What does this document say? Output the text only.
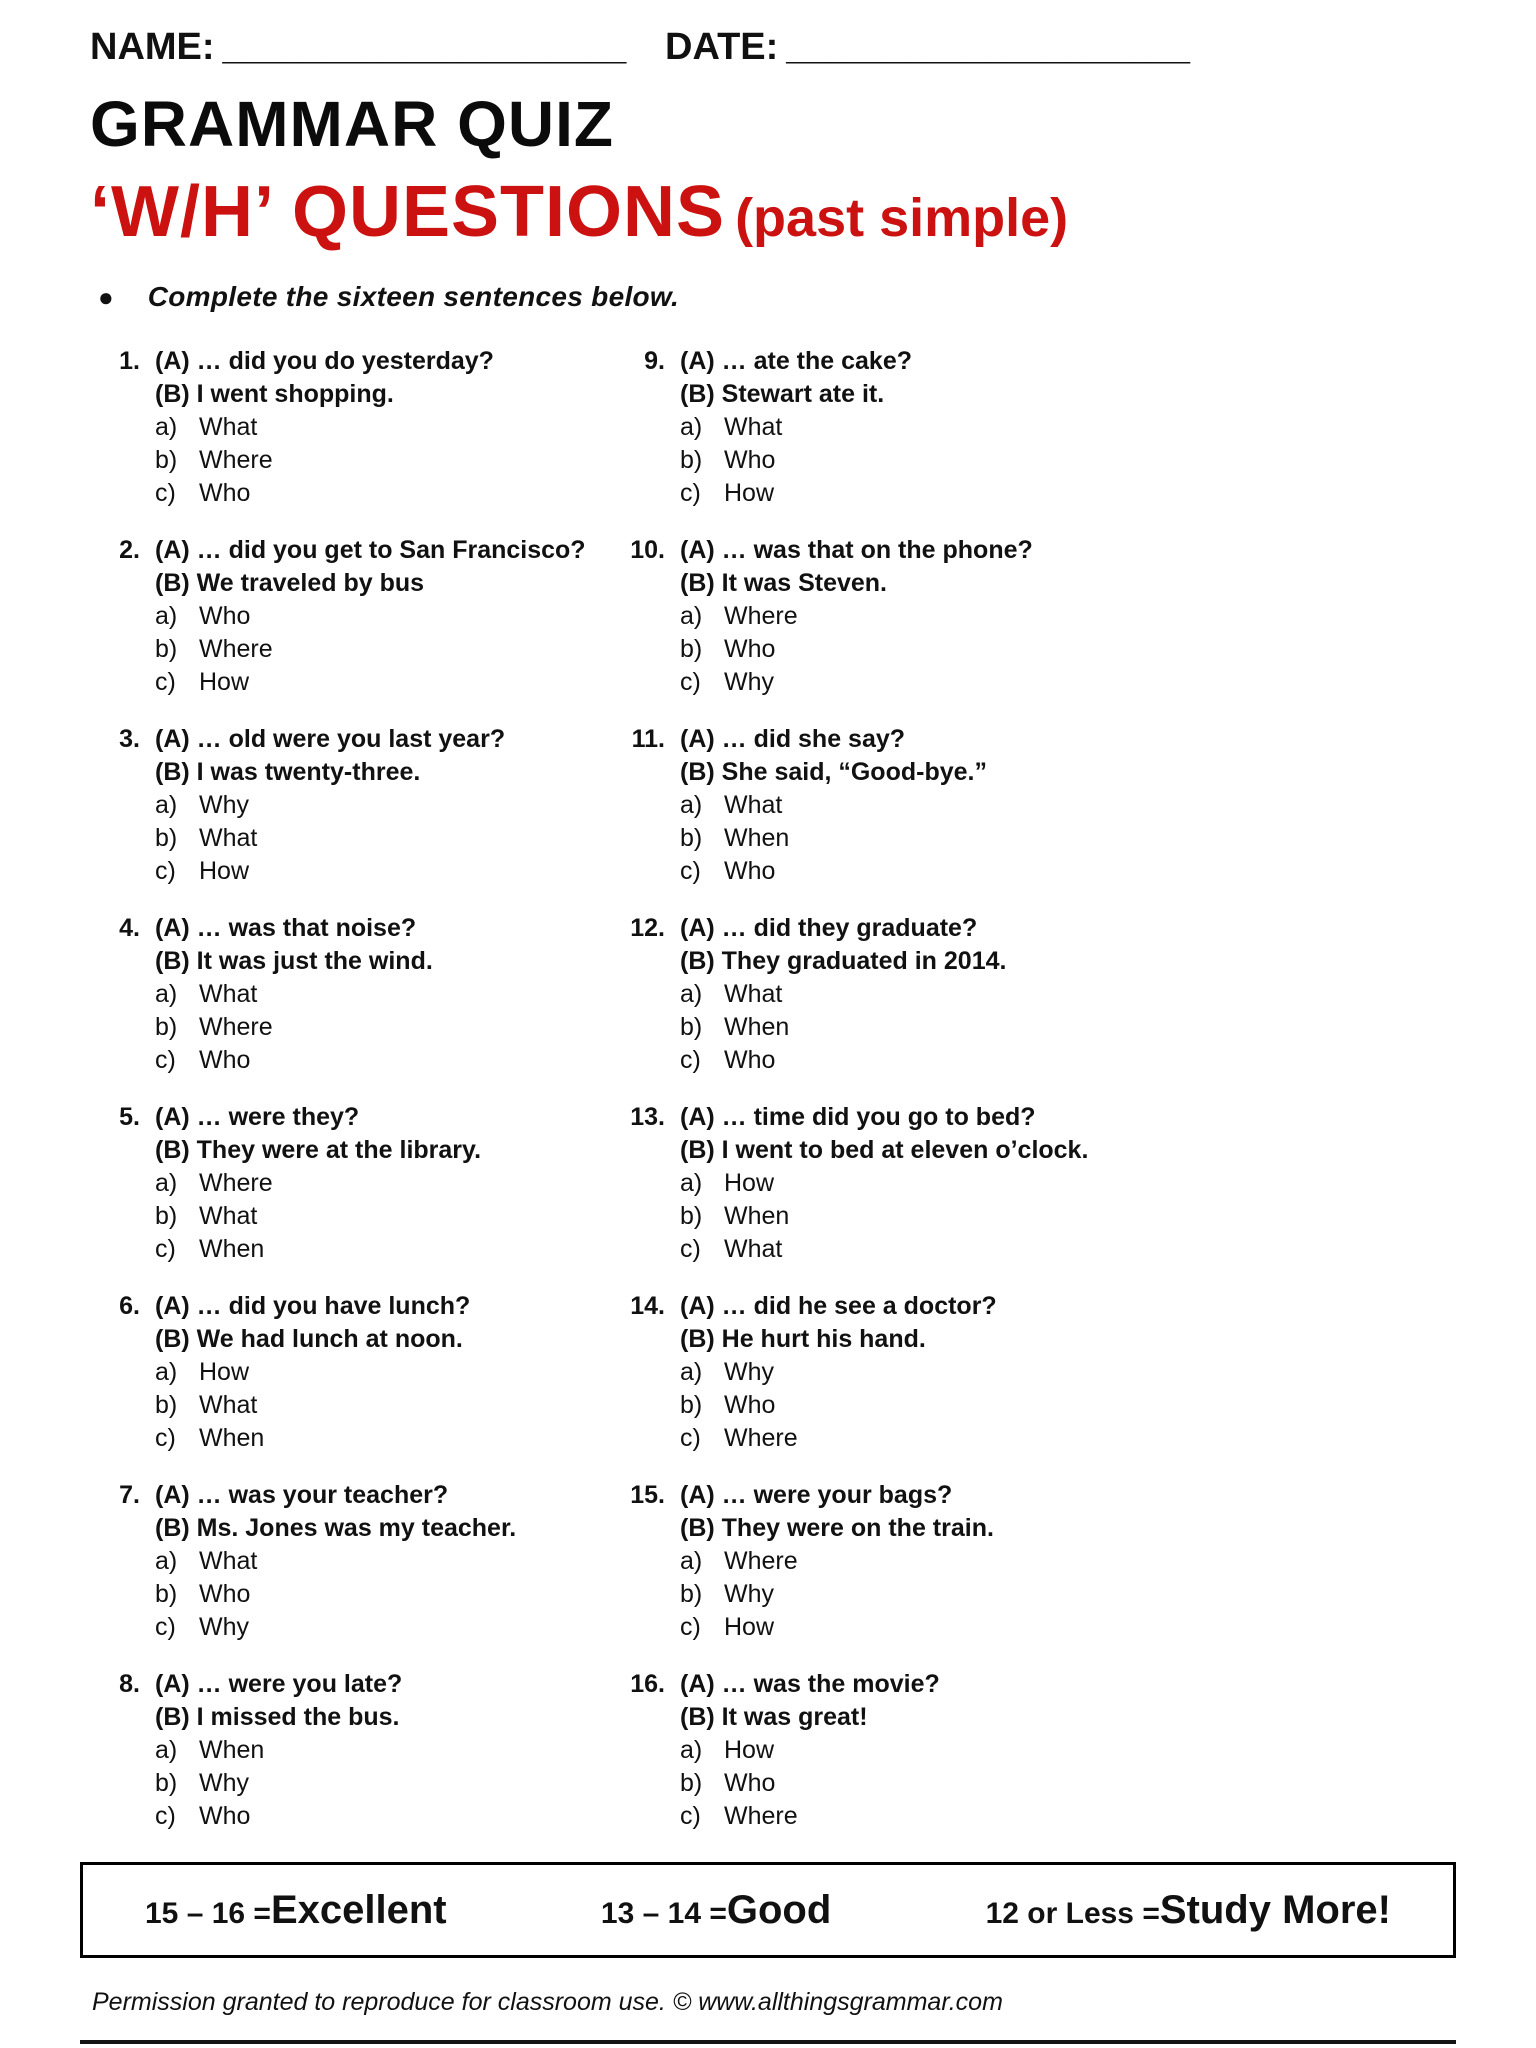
NAME: ____________________	DATE: ____________________
GRAMMAR QUIZ
‘W/H’ QUESTIONS (past simple)
● Complete the sixteen sentences below.
1. (A) … did you do yesterday?
(B) I went shopping.
a) What
b) Where
c) Who
2. (A) … did you get to San Francisco?
(B) We traveled by bus
a) Who
b) Where
c) How
3. (A) … old were you last year?
(B) I was twenty-three.
a) Why
b) What
c) How
4. (A) … was that noise?
(B) It was just the wind.
a) What
b) Where
c) Who
5. (A) … were they?
(B) They were at the library.
a) Where
b) What
c) When
6. (A) … did you have lunch?
(B) We had lunch at noon.
a) How
b) What
c) When
7. (A) … was your teacher?
(B) Ms. Jones was my teacher.
a) What
b) Who
c) Why
8. (A) … were you late?
(B) I missed the bus.
a) When
b) Why
c) Who
9. (A) … ate the cake?
(B) Stewart ate it.
a) What
b) Who
c) How
10. (A) … was that on the phone?
(B) It was Steven.
a) Where
b) Who
c) Why
11. (A) … did she say?
(B) She said, “Good-bye.”
a) What
b) When
c) Who
12. (A) … did they graduate?
(B) They graduated in 2014.
a) What
b) When
c) Who
13. (A) … time did you go to bed?
(B) I went to bed at eleven o’clock.
a) How
b) When
c) What
14. (A) … did he see a doctor?
(B) He hurt his hand.
a) Why
b) Who
c) Where
15. (A) … were your bags?
(B) They were on the train.
a) Where
b) Why
c) How
16. (A) … was the movie?
(B) It was great!
a) How
b) Who
c) Where
15 – 16 = Excellent	13 – 14 = Good	12 or Less = Study More!
Permission granted to reproduce for classroom use. © www.allthingsgrammar.com
